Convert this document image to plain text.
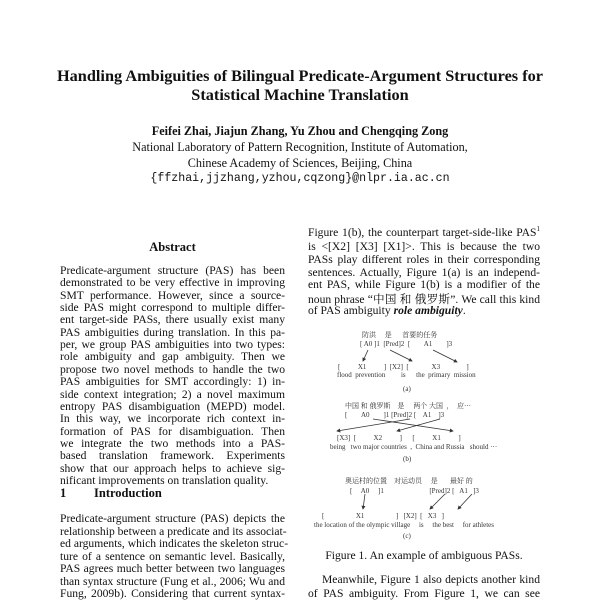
Handling Ambiguities of Bilingual Predicate-Argument Structures for
Statistical Machine Translation
Feifei Zhai, Jiajun Zhang, Yu Zhou and Chengqing Zong
National Laboratory of Pattern Recognition, Institute of Automation,
Chinese Academy of Sciences, Beijing, China
{ffzhai,jjzhang,yzhou,cqzong}@nlpr.ia.ac.cn
Abstract
Predicate-argument structure (PAS) has been
demonstrated to be very effective in improving
SMT performance. However, since a source-
side PAS might correspond to multiple differ-
ent target-side PASs, there usually exist many
PAS ambiguities during translation. In this pa-
per, we group PAS ambiguities into two types:
role ambiguity and gap ambiguity. Then we
propose two novel methods to handle the two
PAS ambiguities for SMT accordingly: 1) in-
side context integration; 2) a novel maximum
entropy PAS disambiguation (MEPD) model.
In this way, we incorporate rich context in-
formation of PAS for disambiguation. Then
we integrate the two methods into a PAS-
based translation framework. Experiments
show that our approach helps to achieve sig-
nificant improvements on translation quality.
1 Introduction
Predicate-argument structure (PAS) depicts the
relationship between a predicate and its associat-
ed arguments, which indicates the skeleton struc-
ture of a sentence on semantic level. Basically,
PAS agrees much better between two languages
than syntax structure (Fung et al., 2006; Wu and
Fung, 2009b). Considering that current syntax-
Figure 1(b), the counterpart target-side-like PAS$^1$
is <[X2] [X3] [X1]>. This is because the two
PASs play different roles in their corresponding
sentences. Actually, Figure 1(a) is an independ-
ent PAS, while Figure 1(b) is a modifier of the
noun phrase “中国 和 俄罗斯”. We call this kind
of PAS ambiguity role ambiguity.
防洪     是      首要的任务
[ A0 ]1  [Pred]2  [        A1        ]3
[          X1          ]  [X2]  [             X3               ]
flood  prevention         is      the  primary  mission
(a)
中国 和 俄罗斯    是     两个 大国  ，  应···
[        A0        ]1 [Pred]2 [    A1    ]3
[X3]  [          X2          ]      [          X1          ]
being   two major countries  ,  China and Russia   should ···
(b)
奥运村的位置    对运动员     是       最好 的
[     A0     ]1                          [Pred]2 [   A1   ]3
[                  X1                  ]   [X2]  [   X3   ]
the location of the olympic village     is     the best     for athletes
(c)
Figure 1. An example of ambiguous PASs.
Meanwhile, Figure 1 also depicts another kind
of PAS ambiguity. From Figure 1, we can see
